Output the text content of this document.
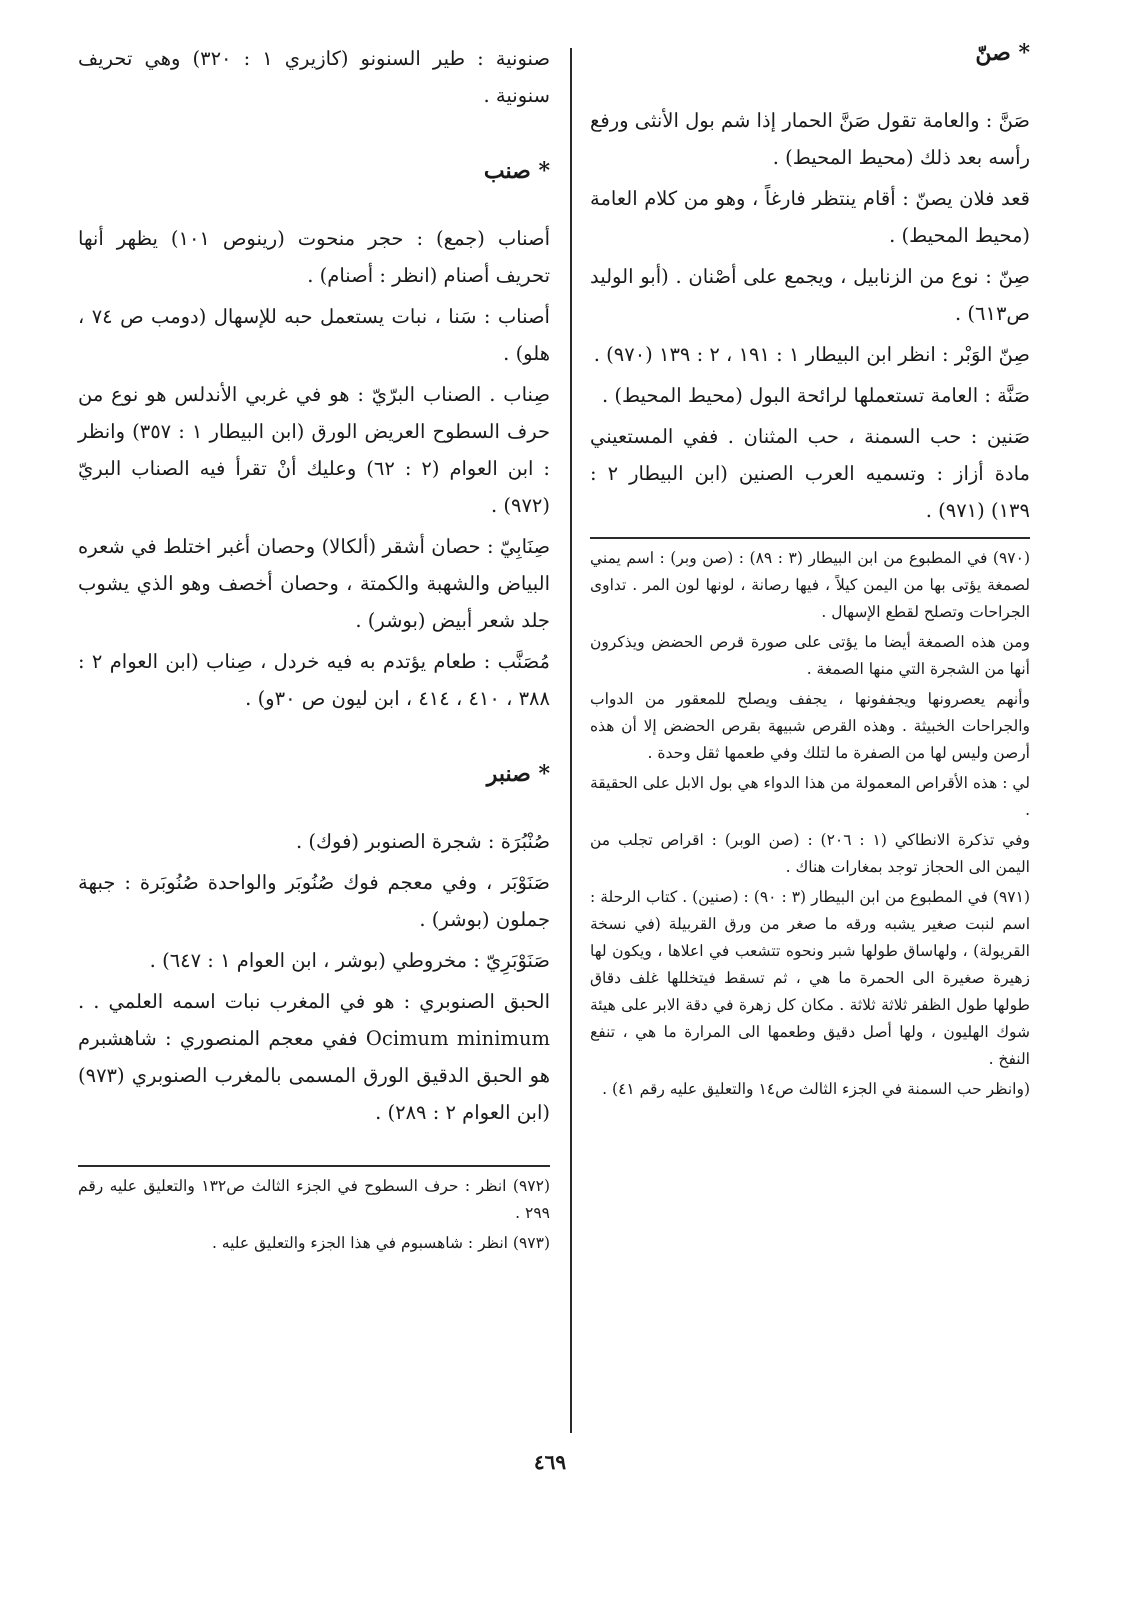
* صنّ

صَنَّ : والعامة تقول صَنَّ الحمار إذا شم بول الأنثى ورفع رأسه بعد ذلك (محيط المحيط) .

قعد فلان يصنّ : أقام ينتظر فارغاً ، وهو من كلام العامة (محيط المحيط) .

صِنّ : نوع من الزنابيل ، ويجمع على أصْنان . (أبو الوليد ص٦١٣) .

صِنّ الوَبْر : انظر ابن البيطار ١ : ١٩١ ، ٢ : ١٣٩ (٩٧٠) .

صَنَّة : العامة تستعملها لرائحة البول (محيط المحيط) .

صَنين : حب السمنة ، حب المثنان . ففي المستعيني مادة أزاز : وتسميه العرب الصنين (ابن البيطار ٢ : ١٣٩) (٩٧١) .

(٩٧٠) في المطبوع من ابن البيطار (٣ : ٨٩) : (صن وبر) : اسم يمني لصمغة يؤتى بها من اليمن كيلاً ، فيها رصانة ، لونها لون المر . تداوى الجراحات وتصلح لقطع الإسهال .

ومن هذه الصمغة أيضا ما يؤتى على صورة قرص الحضض ويذكرون أنها من الشجرة التي منها الصمغة .

وأنهم يعصرونها ويجففونها ، يجفف ويصلح للمعقور من الدواب والجراحات الخبيثة . وهذه القرص شبيهة بقرص الحضض إلا أن هذه أرصن وليس لها من الصفرة ما لتلك وفي طعمها ثقل وحدة .

لي : هذه الأقراص المعمولة من هذا الدواء هي بول الابل على الحقيقة .

وفي تذكرة الانطاكي (١ : ٢٠٦) : (صن الوبر) : اقراص تجلب من اليمن الى الحجاز توجد بمغارات هناك .

(٩٧١) في المطبوع من ابن البيطار (٣ : ٩٠) : (صنين) . كتاب الرحلة : اسم لنبت صغير يشبه ورقه ما صغر من ورق القربيلة (في نسخة القريولة) ، ولهاساق طولها شبر ونحوه تتشعب في اعلاها ، ويكون لها زهيرة صغيرة الى الحمرة ما هي ، ثم تسقط فيتخللها غلف دقاق طولها طول الظفر ثلاثة ثلاثة . مكان كل زهرة في دقة الابر على هيئة شوك الهليون ، ولها أصل دقيق وطعمها الى المرارة ما هي ، تنفع النفخ .

(وانظر حب السمنة في الجزء الثالث ص١٤ والتعليق عليه رقم ٤١) .

صنونية : طير السنونو (كازيري ١ : ٣٢٠) وهي تحريف سنونية .

* صنب

أصناب (جمع) : حجر منحوت (رينوص ١٠١) يظهر أنها تحريف أصنام (انظر : أصنام) .

أصناب : سَنا ، نبات يستعمل حبه للإسهال (دومب ص ٧٤ ، هلو) .

صِناب . الصناب البرّيّ : هو في غربي الأندلس هو نوع من حرف السطوح العريض الورق (ابن البيطار ١ : ٣٥٧) وانظر : ابن العوام (٢ : ٦٢) وعليك أنْ تقرأ فيه الصناب البريّ (٩٧٢) .

صِنَابِيّ : حصان أشقر (ألكالا) وحصان أغبر اختلط في شعره البياض والشهبة والكمتة ، وحصان أخصف وهو الذي يشوب جلد شعر أبيض (بوشر) .

مُصَنَّب : طعام يؤتدم به فيه خردل ، صِناب (ابن العوام ٢ : ٣٨٨ ، ٤١٠ ، ٤١٤ ، ابن ليون ص ٣٠و) .

* صنبر

صُنْبُرَة : شجرة الصنوبر (فوك) .

صَنَوْبَر ، وفي معجم فوك صُنُوبَر والواحدة صُنُوبَرة : جبهة جملون (بوشر) .

صَنَوْبَرِيّ : مخروطي (بوشر ، ابن العوام ١ : ٦٤٧) .

الحبق الصنوبري : هو في المغرب نبات اسمه العلمي . . Ocimum minimum ففي معجم المنصوري : شاهشبرم هو الحبق الدقيق الورق المسمى بالمغرب الصنوبري (٩٧٣) (ابن العوام ٢ : ٢٨٩) .

(٩٧٢) انظر : حرف السطوح في الجزء الثالث ص١٣٢ والتعليق عليه رقم ٢٩٩ .

(٩٧٣) انظر : شاهسبوم في هذا الجزء والتعليق عليه .

٤٦٩
